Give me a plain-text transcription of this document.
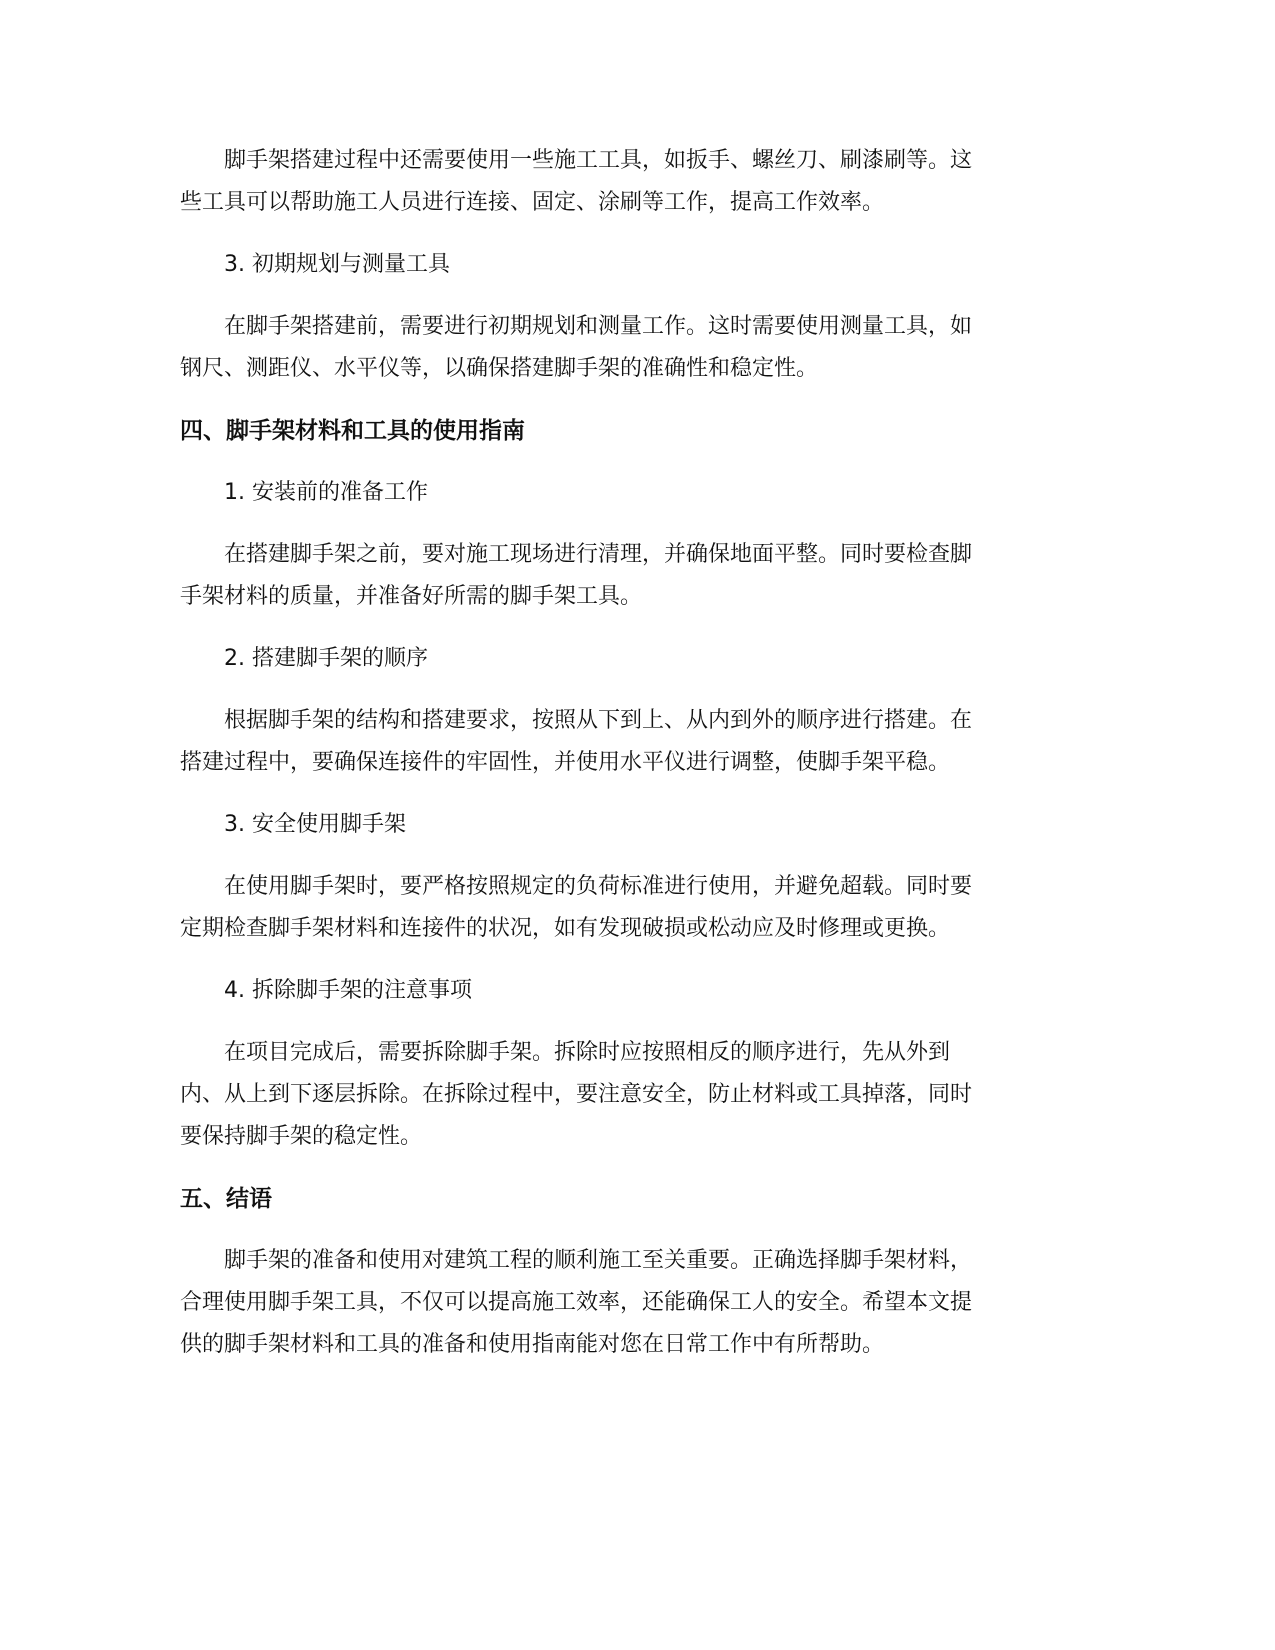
脚手架搭建过程中还需要使用一些施工工具，如扳手、螺丝刀、刷漆刷等。这
些工具可以帮助施工人员进行连接、固定、涂刷等工作，提高工作效率。
3. 初期规划与测量工具
在脚手架搭建前，需要进行初期规划和测量工作。这时需要使用测量工具，如
钢尺、测距仪、水平仪等，以确保搭建脚手架的准确性和稳定性。
四、脚手架材料和工具的使用指南
1. 安装前的准备工作
在搭建脚手架之前，要对施工现场进行清理，并确保地面平整。同时要检查脚
手架材料的质量，并准备好所需的脚手架工具。
2. 搭建脚手架的顺序
根据脚手架的结构和搭建要求，按照从下到上、从内到外的顺序进行搭建。在
搭建过程中，要确保连接件的牢固性，并使用水平仪进行调整，使脚手架平稳。
3. 安全使用脚手架
在使用脚手架时，要严格按照规定的负荷标准进行使用，并避免超载。同时要
定期检查脚手架材料和连接件的状况，如有发现破损或松动应及时修理或更换。
4. 拆除脚手架的注意事项
在项目完成后，需要拆除脚手架。拆除时应按照相反的顺序进行，先从外到
内、从上到下逐层拆除。在拆除过程中，要注意安全，防止材料或工具掉落，同时
要保持脚手架的稳定性。
五、结语
脚手架的准备和使用对建筑工程的顺利施工至关重要。正确选择脚手架材料，
合理使用脚手架工具，不仅可以提高施工效率，还能确保工人的安全。希望本文提
供的脚手架材料和工具的准备和使用指南能对您在日常工作中有所帮助。
